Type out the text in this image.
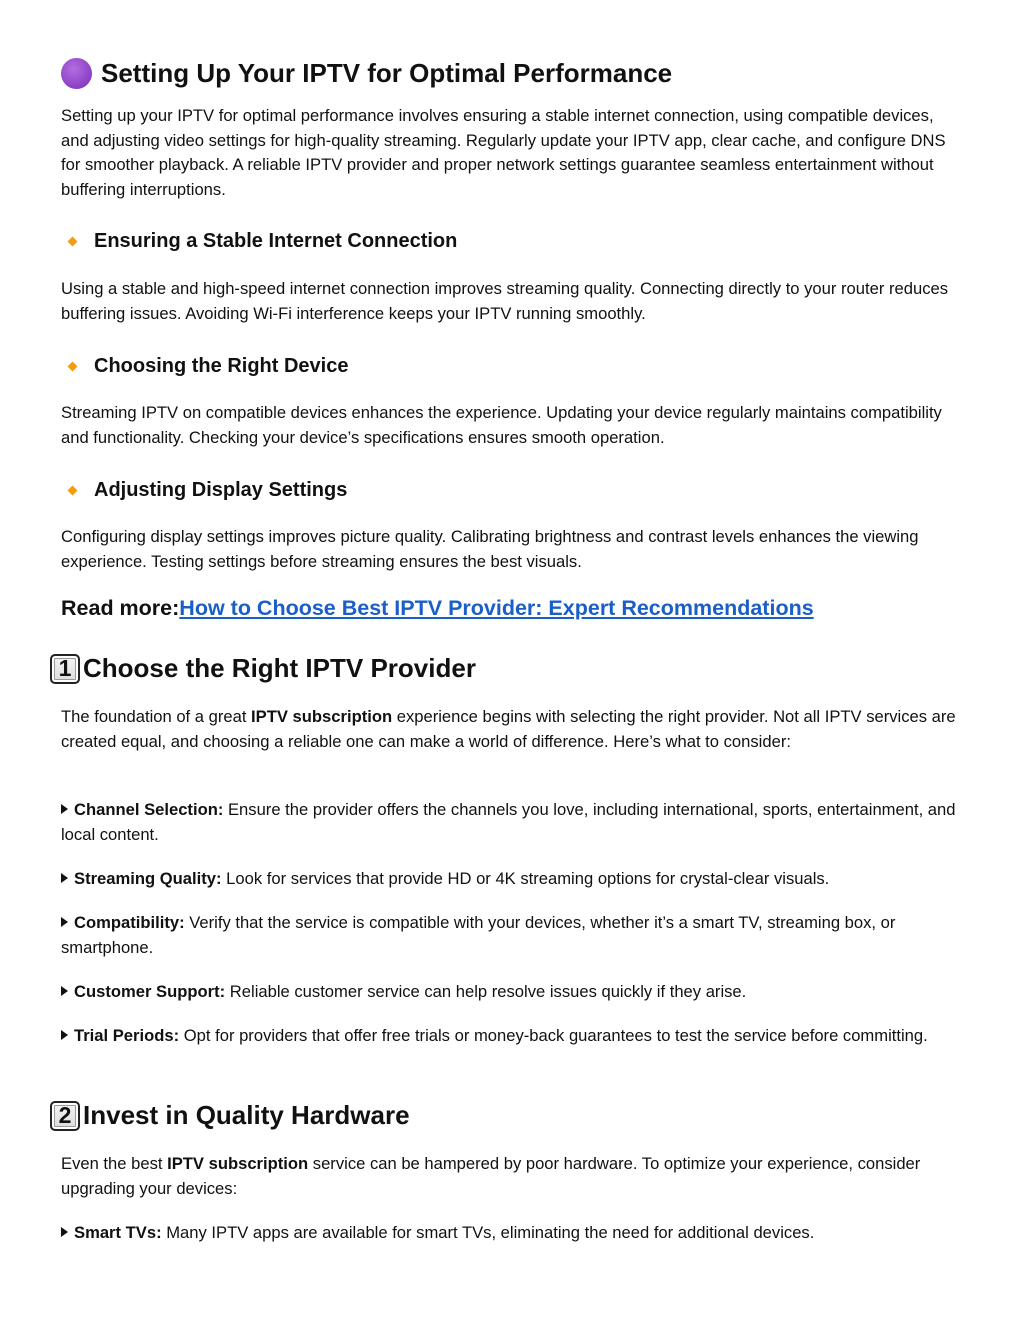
Setting Up Your IPTV for Optimal Performance

Setting up your IPTV for optimal performance involves ensuring a stable internet connection, using compatible devices, and adjusting video settings for high-quality streaming. Regularly update your IPTV app, clear cache, and configure DNS for smoother playback. A reliable IPTV provider and proper network settings guarantee seamless entertainment without buffering interruptions.

Ensuring a Stable Internet Connection

Using a stable and high-speed internet connection improves streaming quality. Connecting directly to your router reduces buffering issues. Avoiding Wi-Fi interference keeps your IPTV running smoothly.

Choosing the Right Device

Streaming IPTV on compatible devices enhances the experience. Updating your device regularly maintains compatibility and functionality. Checking your device’s specifications ensures smooth operation.

Adjusting Display Settings

Configuring display settings improves picture quality. Calibrating brightness and contrast levels enhances the viewing experience. Testing settings before streaming ensures the best visuals.

Read more:How to Choose Best IPTV Provider: Expert Recommendations
1 Choose the Right IPTV Provider

The foundation of a great IPTV subscription experience begins with selecting the right provider. Not all IPTV services are created equal, and choosing a reliable one can make a world of difference. Here’s what to consider:

Channel Selection: Ensure the provider offers the channels you love, including international, sports, entertainment, and local content.

Streaming Quality: Look for services that provide HD or 4K streaming options for crystal-clear visuals.

Compatibility: Verify that the service is compatible with your devices, whether it’s a smart TV, streaming box, or smartphone.

Customer Support: Reliable customer service can help resolve issues quickly if they arise.

Trial Periods: Opt for providers that offer free trials or money-back guarantees to test the service before committing.

2 Invest in Quality Hardware

Even the best IPTV subscription service can be hampered by poor hardware. To optimize your experience, consider upgrading your devices:

Smart TVs: Many IPTV apps are available for smart TVs, eliminating the need for additional devices.
